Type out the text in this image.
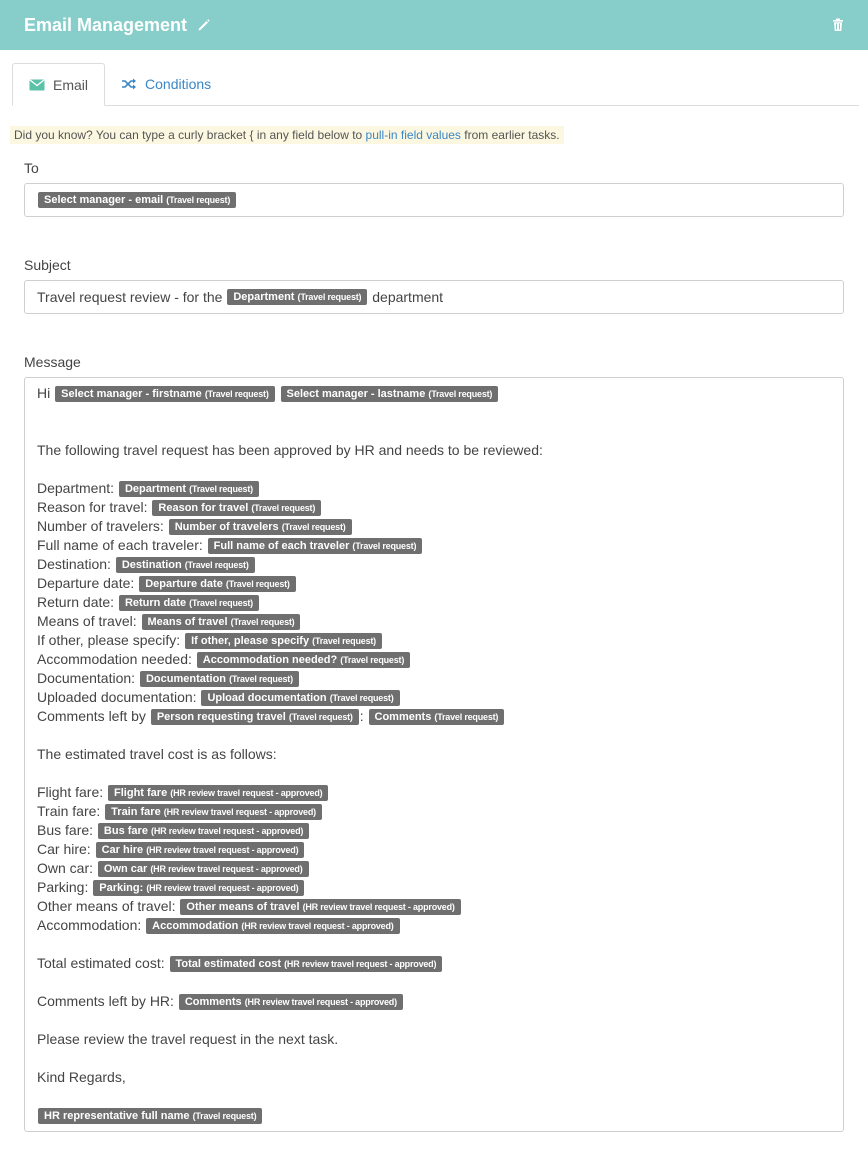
Email Management
Email	Conditions
Did you know? You can type a curly bracket { in any field below to pull-in field values from earlier tasks.
To
Select manager - email (Travel request)
Subject
Travel request review - for the
Department (Travel request)
department
Message
Hi Select manager - firstname (Travel request) Select manager - lastname (Travel request)
The following travel request has been approved by HR and needs to be reviewed:
Department: Department (Travel request)
Reason for travel: Reason for travel (Travel request)
Number of travelers: Number of travelers (Travel request)
Full name of each traveler: Full name of each traveler (Travel request)
Destination: Destination (Travel request)
Departure date: Departure date (Travel request)
Return date: Return date (Travel request)
Means of travel: Means of travel (Travel request)
If other, please specify: If other, please specify (Travel request)
Accommodation needed: Accommodation needed? (Travel request)
Documentation: Documentation (Travel request)
Uploaded documentation: Upload documentation (Travel request)
Comments left by Person requesting travel (Travel request) : Comments (Travel request)
The estimated travel cost is as follows:
Flight fare: Flight fare (HR review travel request - approved)
Train fare: Train fare (HR review travel request - approved)
Bus fare: Bus fare (HR review travel request - approved)
Car hire: Car hire (HR review travel request - approved)
Own car: Own car (HR review travel request - approved)
Parking: Parking: (HR review travel request - approved)
Other means of travel: Other means of travel (HR review travel request - approved)
Accommodation: Accommodation (HR review travel request - approved)
Total estimated cost: Total estimated cost (HR review travel request - approved)
Comments left by HR: Comments (HR review travel request - approved)
Please review the travel request in the next task.
Kind Regards,
HR representative full name (Travel request)
